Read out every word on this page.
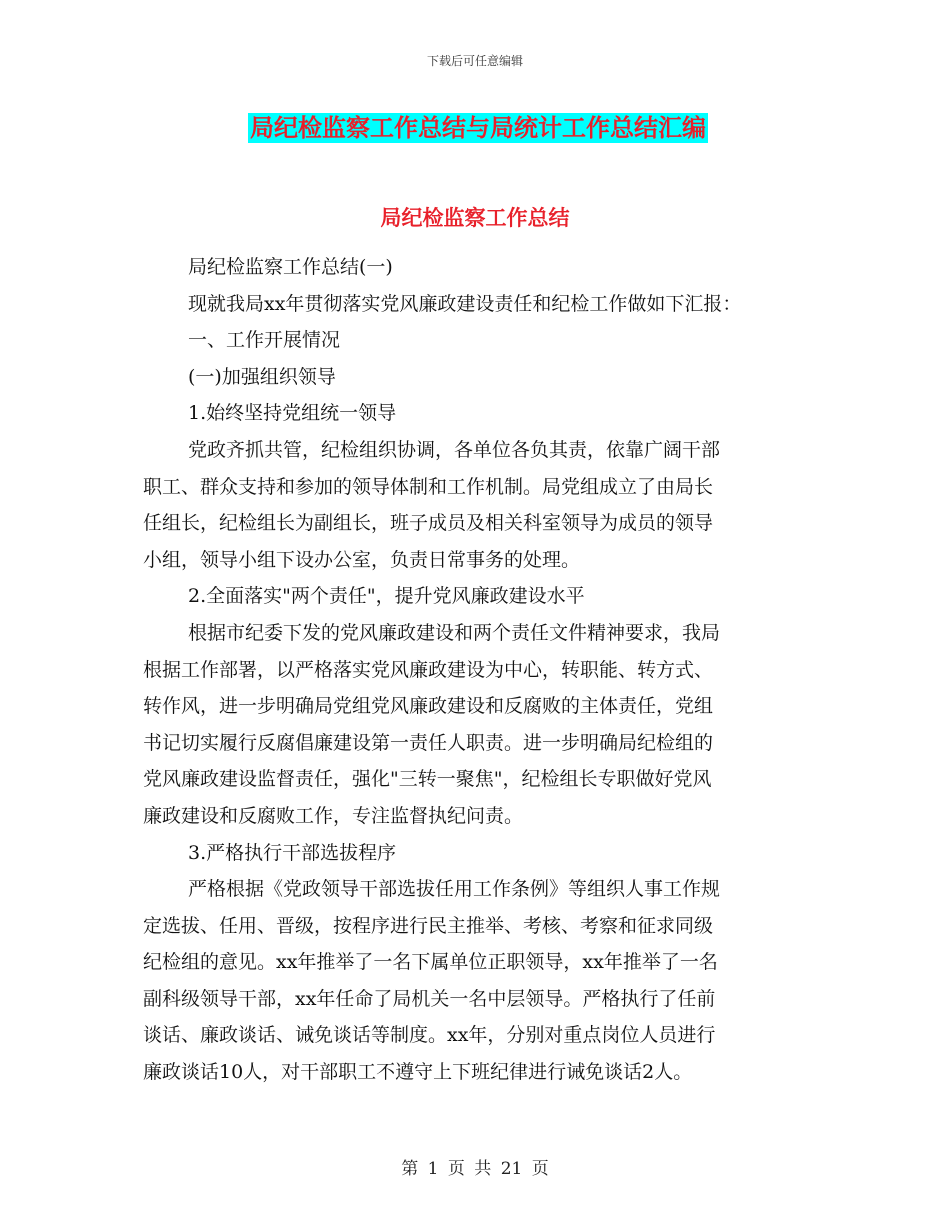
下载后可任意编辑
局纪检监察工作总结与局统计工作总结汇编
局纪检监察工作总结
局纪检监察工作总结(一)
现就我局xx年贯彻落实党风廉政建设责任和纪检工作做如下汇报：
一、工作开展情况
(一)加强组织领导
1.始终坚持党组统一领导
党政齐抓共管，纪检组织协调，各单位各负其责，依靠广阔干部
职工、群众支持和参加的领导体制和工作机制。局党组成立了由局长
任组长，纪检组长为副组长，班子成员及相关科室领导为成员的领导
小组，领导小组下设办公室，负责日常事务的处理。
2.全面落实"两个责任"，提升党风廉政建设水平
根据市纪委下发的党风廉政建设和两个责任文件精神要求，我局
根据工作部署，以严格落实党风廉政建设为中心，转职能、转方式、
转作风，进一步明确局党组党风廉政建设和反腐败的主体责任，党组
书记切实履行反腐倡廉建设第一责任人职责。进一步明确局纪检组的
党风廉政建设监督责任，强化"三转一聚焦"，纪检组长专职做好党风
廉政建设和反腐败工作，专注监督执纪问责。
3.严格执行干部选拔程序
严格根据《党政领导干部选拔任用工作条例》等组织人事工作规
定选拔、任用、晋级，按程序进行民主推举、考核、考察和征求同级
纪检组的意见。xx年推举了一名下属单位正职领导，xx年推举了一名
副科级领导干部，xx年任命了局机关一名中层领导。严格执行了任前
谈话、廉政谈话、诫免谈话等制度。xx年，分别对重点岗位人员进行
廉政谈话10人，对干部职工不遵守上下班纪律进行诫免谈话2人。
第 1 页 共 21 页
